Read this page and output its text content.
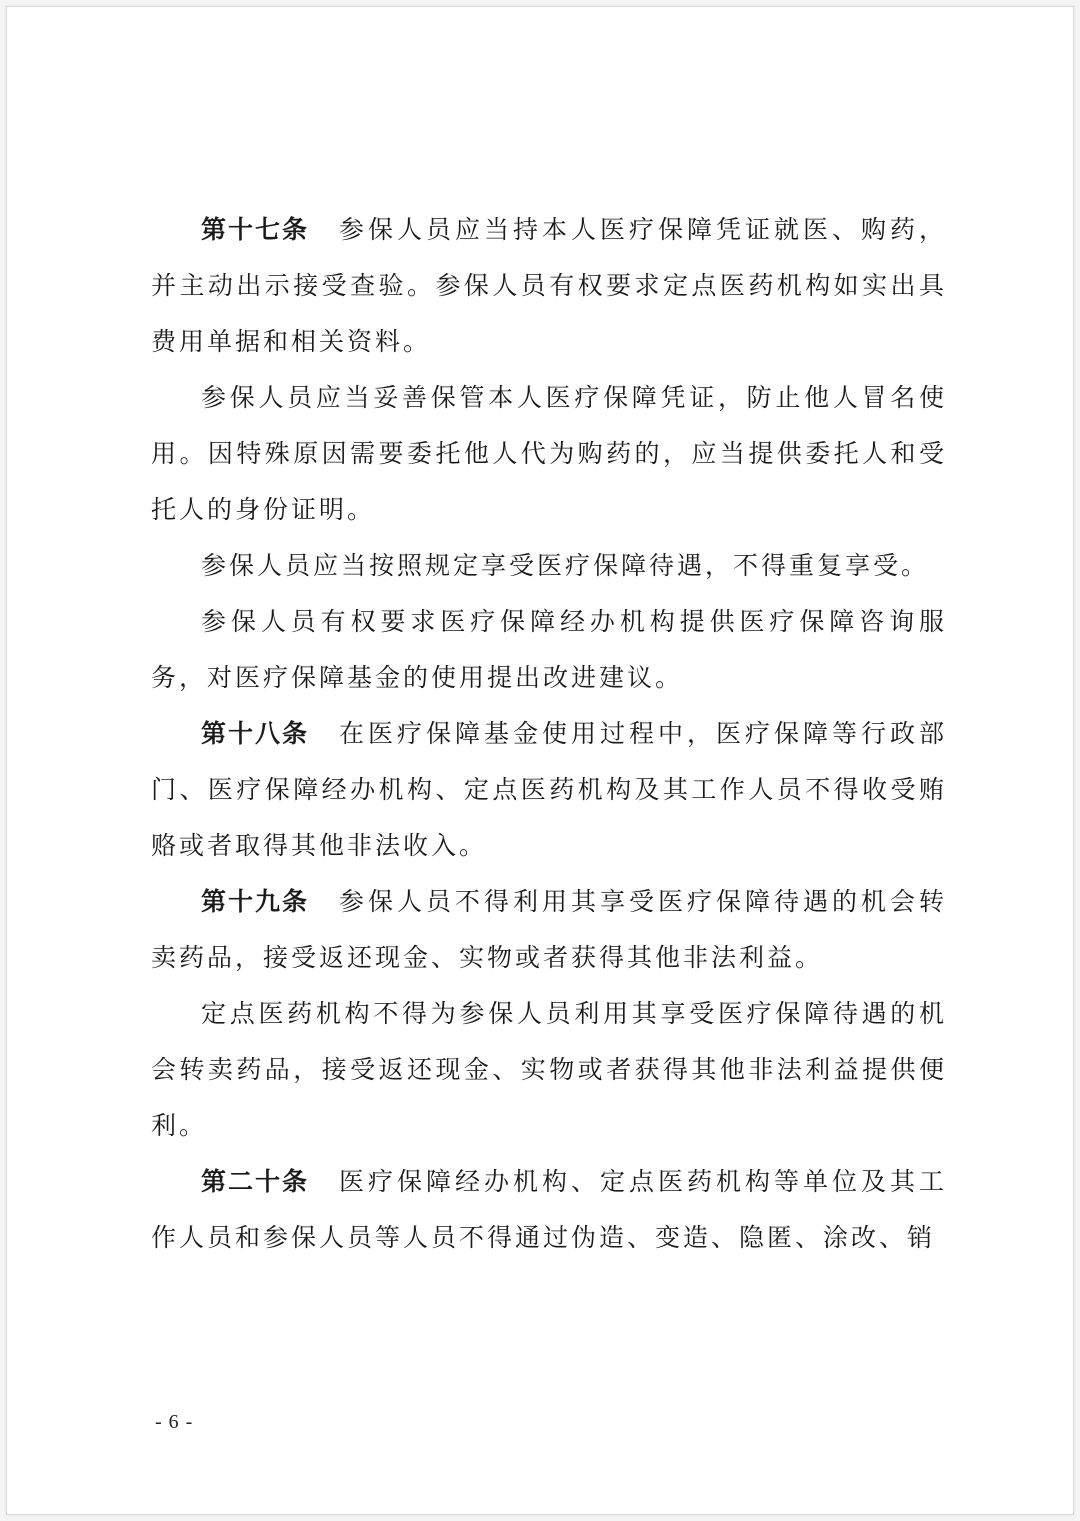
第十七条 参保人员应当持本人医疗保障凭证就医、购药，并主动出示接受查验。参保人员有权要求定点医药机构如实出具费用单据和相关资料。

参保人员应当妥善保管本人医疗保障凭证，防止他人冒名使用。因特殊原因需要委托他人代为购药的，应当提供委托人和受托人的身份证明。

参保人员应当按照规定享受医疗保障待遇，不得重复享受。

参保人员有权要求医疗保障经办机构提供医疗保障咨询服务，对医疗保障基金的使用提出改进建议。

第十八条 在医疗保障基金使用过程中，医疗保障等行政部门、医疗保障经办机构、定点医药机构及其工作人员不得收受贿赂或者取得其他非法收入。

第十九条 参保人员不得利用其享受医疗保障待遇的机会转卖药品，接受返还现金、实物或者获得其他非法利益。

定点医药机构不得为参保人员利用其享受医疗保障待遇的机会转卖药品，接受返还现金、实物或者获得其他非法利益提供便利。

第二十条 医疗保障经办机构、定点医药机构等单位及其工作人员和参保人员等人员不得通过伪造、变造、隐匿、涂改、销

- 6 -
